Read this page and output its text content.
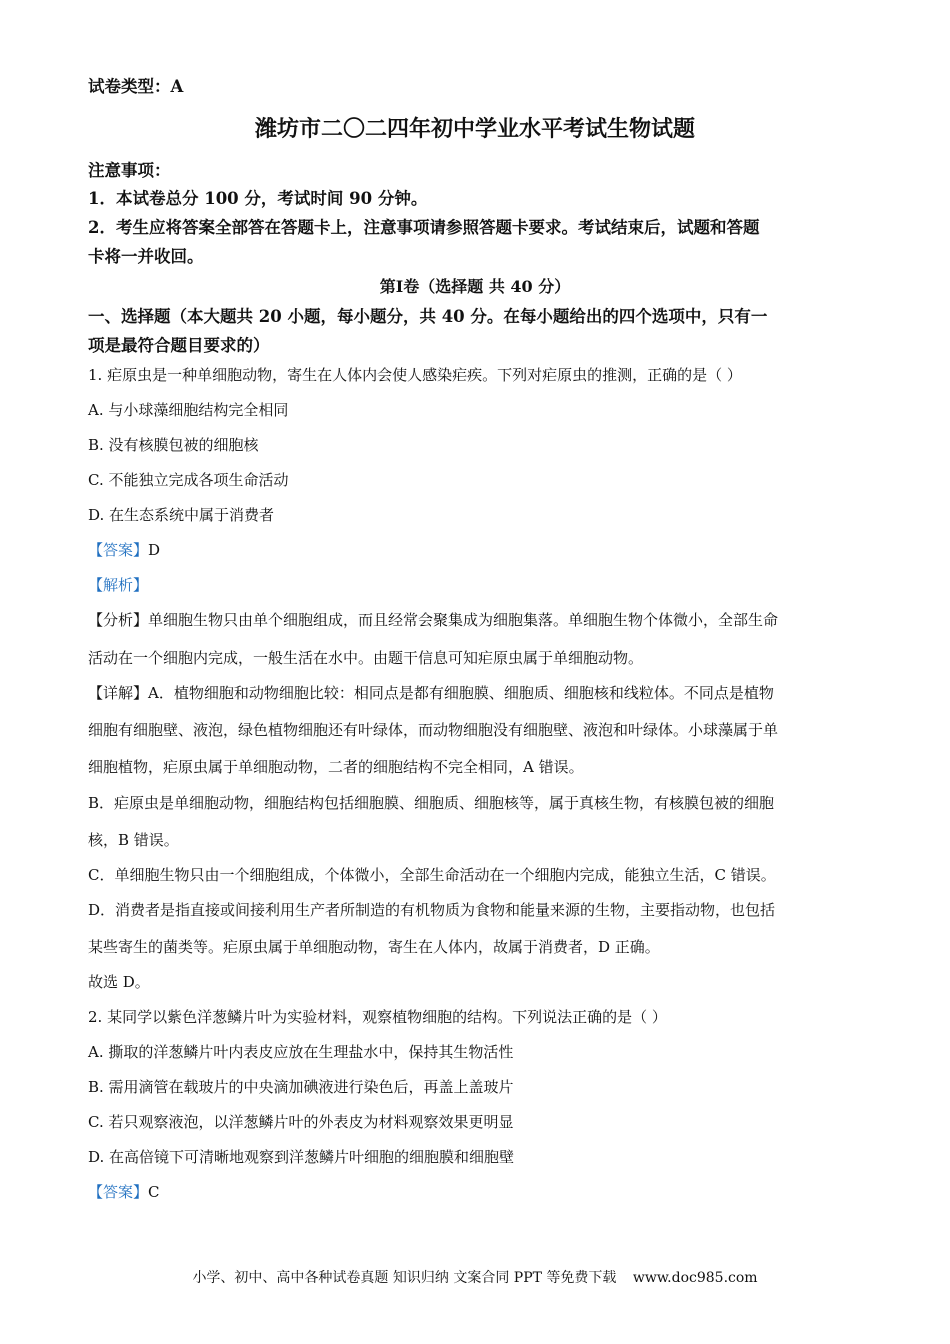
试卷类型：A
潍坊市二〇二四年初中学业水平考试生物试题
注意事项：
1．本试卷总分 100 分，考试时间 90 分钟。
2．考生应将答案全部答在答题卡上，注意事项请参照答题卡要求。考试结束后，试题和答题
卡将一并收回。
第Ⅰ卷（选择题 共 40 分）
一、选择题（本大题共 20 小题，每小题分，共 40 分。在每小题给出的四个选项中，只有一
项是最符合题目要求的）
1. 疟原虫是一种单细胞动物，寄生在人体内会使人感染疟疾。下列对疟原虫的推测，正确的是（ ）
A. 与小球藻细胞结构完全相同
B. 没有核膜包被的细胞核
C. 不能独立完成各项生命活动
D. 在生态系统中属于消费者
【答案】D
【解析】
【分析】单细胞生物只由单个细胞组成，而且经常会聚集成为细胞集落。单细胞生物个体微小，全部生命
活动在一个细胞内完成，一般生活在水中。由题干信息可知疟原虫属于单细胞动物。
【详解】A．植物细胞和动物细胞比较：相同点是都有细胞膜、细胞质、细胞核和线粒体。不同点是植物
细胞有细胞壁、液泡，绿色植物细胞还有叶绿体，而动物细胞没有细胞壁、液泡和叶绿体。小球藻属于单
细胞植物，疟原虫属于单细胞动物，二者的细胞结构不完全相同，A 错误。
B．疟原虫是单细胞动物，细胞结构包括细胞膜、细胞质、细胞核等，属于真核生物，有核膜包被的细胞
核，B 错误。
C．单细胞生物只由一个细胞组成，个体微小，全部生命活动在一个细胞内完成，能独立生活，C 错误。
D．消费者是指直接或间接利用生产者所制造的有机物质为食物和能量来源的生物，主要指动物，也包括
某些寄生的菌类等。疟原虫属于单细胞动物，寄生在人体内，故属于消费者，D 正确。
故选 D。
2. 某同学以紫色洋葱鳞片叶为实验材料，观察植物细胞的结构。下列说法正确的是（ ）
A. 撕取的洋葱鳞片叶内表皮应放在生理盐水中，保持其生物活性
B. 需用滴管在载玻片的中央滴加碘液进行染色后，再盖上盖玻片
C. 若只观察液泡，以洋葱鳞片叶的外表皮为材料观察效果更明显
D. 在高倍镜下可清晰地观察到洋葱鳞片叶细胞的细胞膜和细胞壁
【答案】C
小学、初中、高中各种试卷真题 知识归纳 文案合同 PPT 等免费下载 www.doc985.com
